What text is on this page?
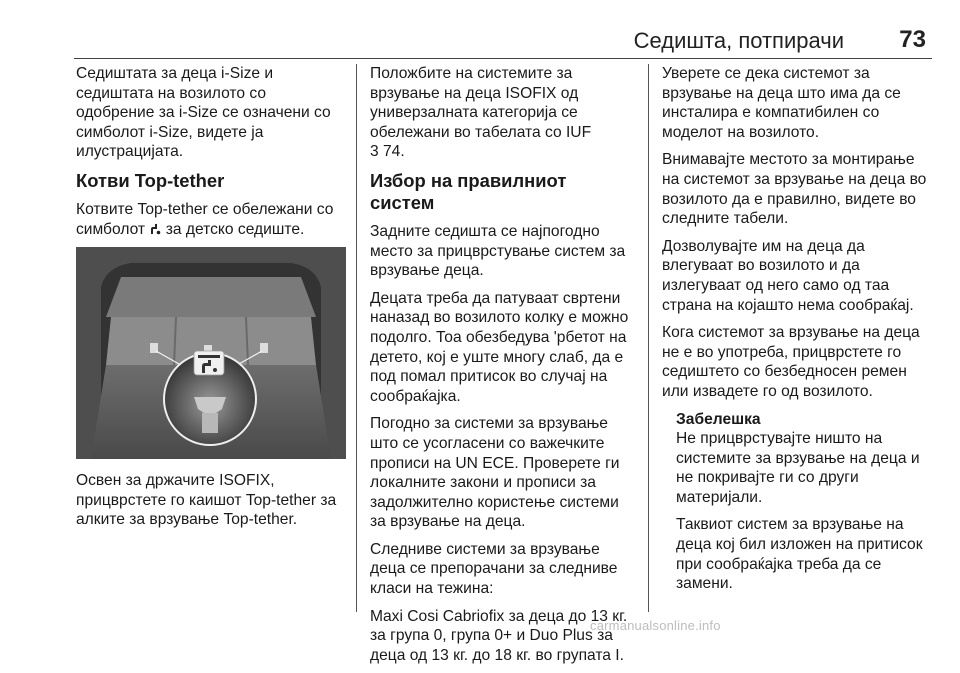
Седишта, потпирачи 73

Седиштата за деца i-Size и седиштата на возилото со одобрение за i-Size се означени со симболот i-Size, видете ја илустрацијата.

Котви Top-tether

Котвите Top-tether се обележани со симболот за детско седиште.

Освен за држачите ISOFIX, прицврстете го каишот Top-tether за алките за врзување Top-tether.

Положбите на системите за врзување на деца ISOFIX од универзалната категорија се обележани во табелата со IUF
3 74.

Избор на правилниот систем

Задните седишта се најпогодно место за прицврстување систем за врзување деца.

Децата треба да патуваат свртени наназад во возилото колку е можно подолго. Тоа обезбедува 'рбетот на детето, кој е уште многу слаб, да е под помал притисок во случај на сообраќајка.

Погодно за системи за врзување што се усогласени со важечките прописи на UN ECE. Проверете ги локалните закони и прописи за задолжително користење системи за врзување на деца.

Следниве системи за врзување деца се препорачани за следниве класи на тежина:

Maxi Cosi Cabriofix за деца до 13 кг. за група 0, група 0+ и Duo Plus за деца од 13 кг. до 18 кг. во групата I.

Уверете се дека системот за врзување на деца што има да се инсталира е компатибилен со моделот на возилото.

Внимавајте местото за монтирање на системот за врзување на деца во возилото да е правилно, видете во следните табели.

Дозволувајте им на деца да влегуваат во возилото и да излегуваат од него само од таа страна на којашто нема сообраќај.

Кога системот за врзување на деца не е во употреба, прицврстете го седиштето со безбедносен ремен или извадете го од возилото.

Забелешка

Не прицврстувајте ништо на системите за врзување на деца и не покривајте ги со други материјали.

Таквиот систем за врзување на деца кој бил изложен на притисок при сообраќајка треба да се замени.

carmanualsonline.info
